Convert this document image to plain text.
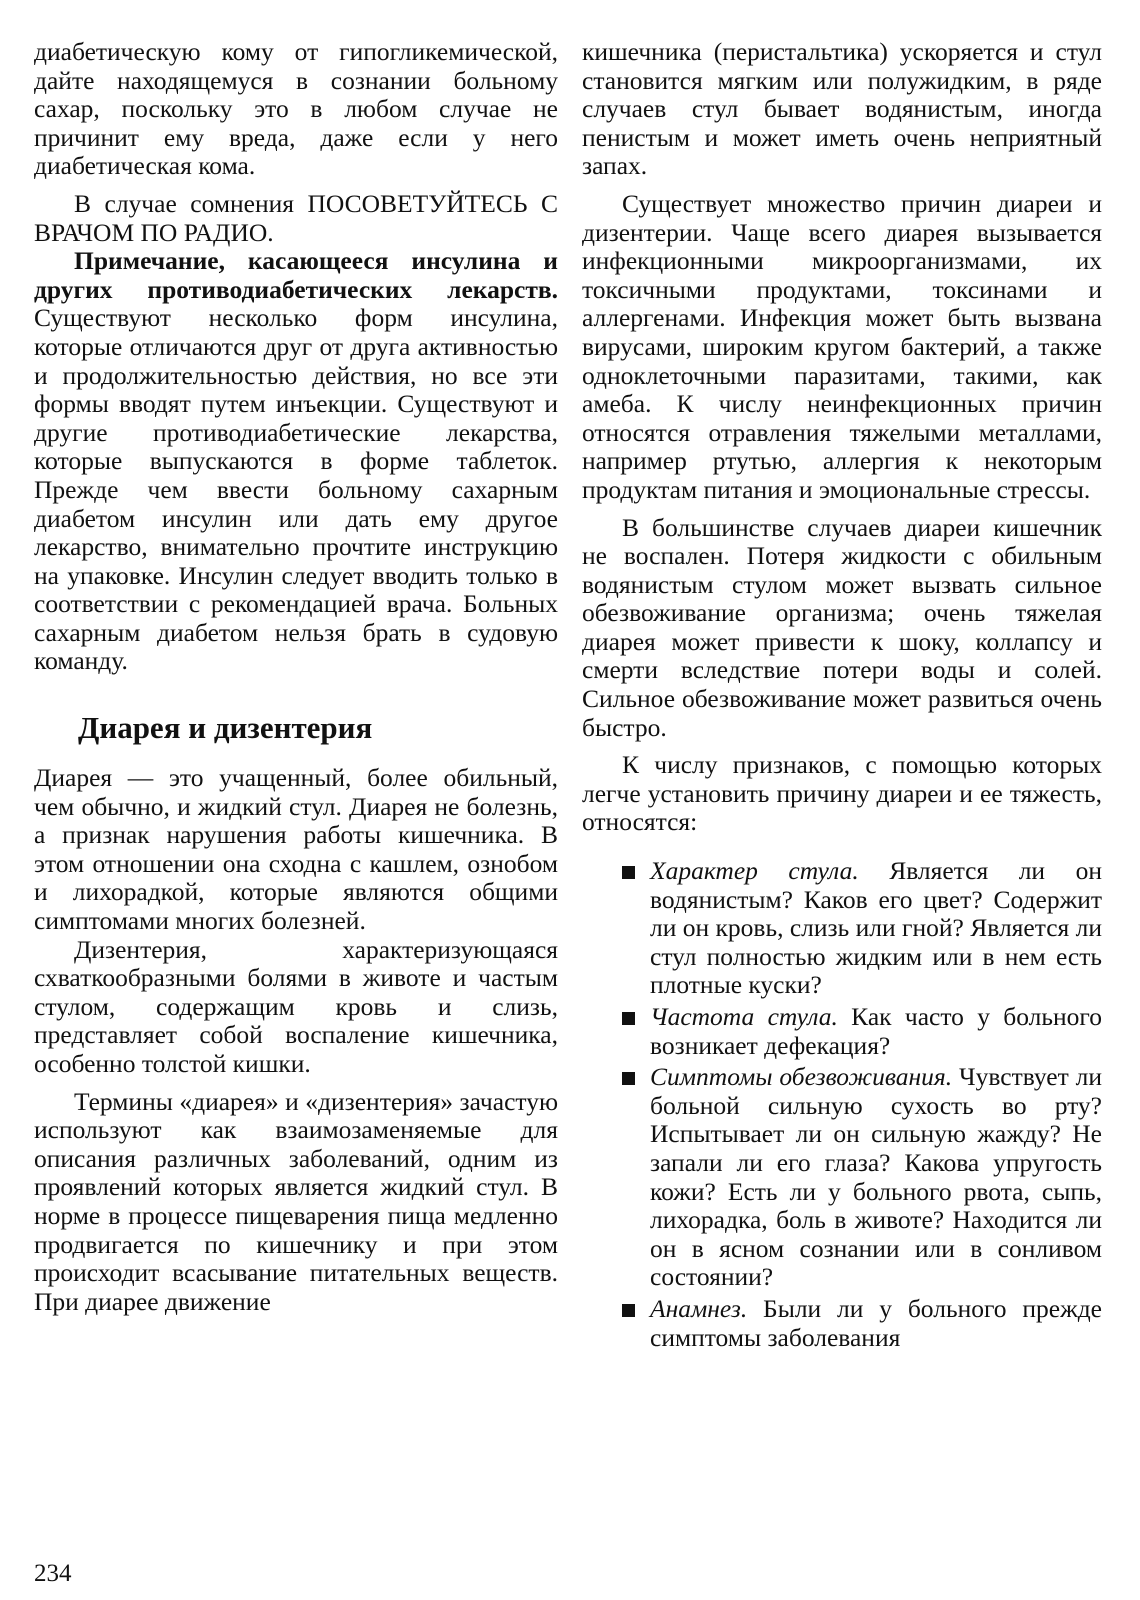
диабетическую кому от гипогликемической, дайте находящемуся в сознании больному сахар, поскольку это в любом случае не причинит ему вреда, даже если у него диабетическая кома.

В случае сомнения ПОСОВЕТУЙТЕСЬ С ВРАЧОМ ПО РАДИО.

Примечание, касающееся инсулина и других противодиабетических лекарств. Существуют несколько форм инсулина, которые отличаются друг от друга активностью и продолжительностью действия, но все эти формы вводят путем инъекции. Существуют и другие противодиабетические лекарства, которые выпускаются в форме таблеток. Прежде чем ввести больному сахарным диабетом инсулин или дать ему другое лекарство, внимательно прочтите инструкцию на упаковке. Инсулин следует вводить только в соответствии с рекомендацией врача. Больных сахарным диабетом нельзя брать в судовую команду.

Диарея и дизентерия

Диарея — это учащенный, более обильный, чем обычно, и жидкий стул. Диарея не болезнь, а признак нарушения работы кишечника. В этом отношении она сходна с кашлем, ознобом и лихорадкой, которые являются общими симптомами многих болезней.

Дизентерия, характеризующаяся схваткообразными болями в животе и частым стулом, содержащим кровь и слизь, представляет собой воспаление кишечника, особенно толстой кишки.

Термины «диарея» и «дизентерия» зачастую используют как взаимозаменяемые для описания различных заболеваний, одним из проявлений которых является жидкий стул. В норме в процессе пищеварения пища медленно продвигается по кишечнику и при этом происходит всасывание питательных веществ. При диарее движение

кишечника (перистальтика) ускоряется и стул становится мягким или полужидким, в ряде случаев стул бывает водянистым, иногда пенистым и может иметь очень неприятный запах.

Существует множество причин диареи и дизентерии. Чаще всего диарея вызывается инфекционными микроорганизмами, их токсичными продуктами, токсинами и аллергенами. Инфекция может быть вызвана вирусами, широким кругом бактерий, а также одноклеточными паразитами, такими, как амеба. К числу неинфекционных причин относятся отравления тяжелыми металлами, например ртутью, аллергия к некоторым продуктам питания и эмоциональные стрессы.

В большинстве случаев диареи кишечник не воспален. Потеря жидкости с обильным водянистым стулом может вызвать сильное обезвоживание организма; очень тяжелая диарея может привести к шоку, коллапсу и смерти вследствие потери воды и солей. Сильное обезвоживание может развиться очень быстро.

К числу признаков, с помощью которых легче установить причину диареи и ее тяжесть, относятся:

Характер стула. Является ли он водянистым? Каков его цвет? Содержит ли он кровь, слизь или гной? Является ли стул полностью жидким или в нем есть плотные куски?

Частота стула. Как часто у больного возникает дефекация?

Симптомы обезвоживания. Чувствует ли больной сильную сухость во рту? Испытывает ли он сильную жажду? Не запали ли его глаза? Какова упругость кожи? Есть ли у больного рвота, сыпь, лихорадка, боль в животе? Находится ли он в ясном сознании или в сонливом состоянии?

Анамнез. Были ли у больного прежде симптомы заболевания

234
